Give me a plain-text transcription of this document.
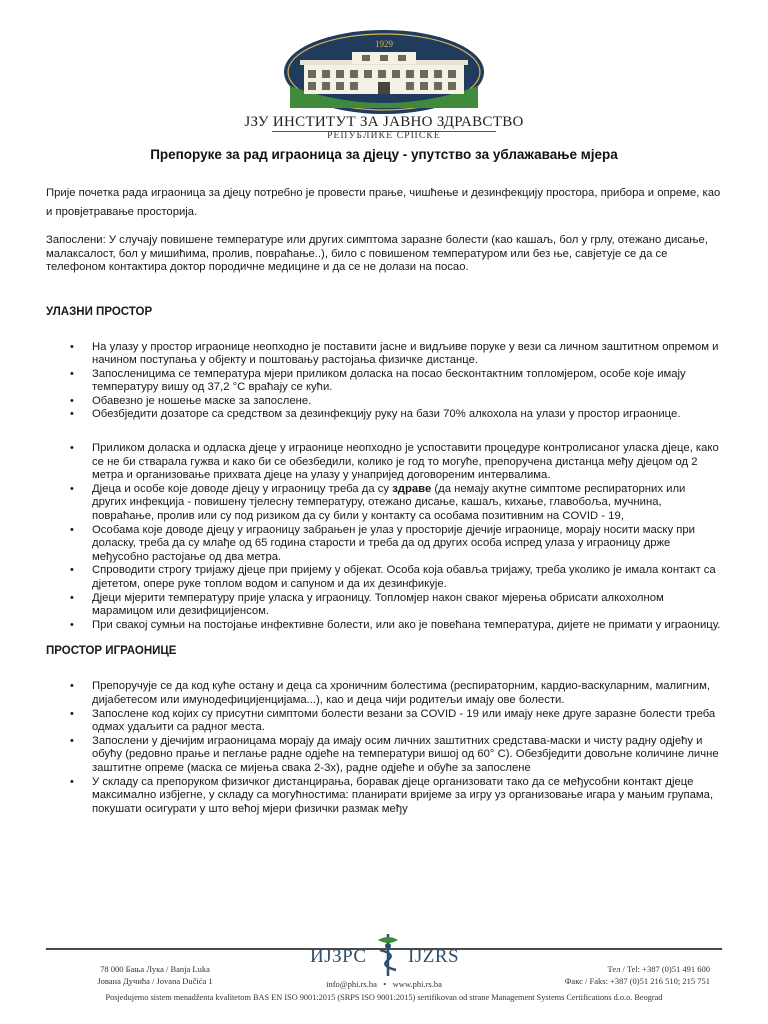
1929
ЈЗУ ИНСТИТУТ ЗА ЈАВНО ЗДРАВСТВО
РЕПУБЛИКЕ СРПСКЕ
Препоруке за рад играоница за дјецу - упутство за ублажавање мјера

Прије почетка рада играоница за дјецу потребно је провести прање, чишћење и дезинфекцију простора, прибора и опреме, као и провјетравање просторија.

Запослени: У случају повишене температуре или других симптома заразне болести (као кашаљ, бол у грлу, отежано дисање, малаксалост, бол у мишићима, пролив, повраћање..), било с повишеном температуром или без ње, савјетује се да се телефоном контактира доктор породичне медицине и да се не долази на посао.

УЛАЗНИ ПРОСТОР
• На улазу у простор играонице неопходно је поставити јасне и видљиве поруке у вези са личном заштитном опремом и начином поступања у објекту и поштовању растојања физичке дистанце.
• Запосленицима се температура мјери приликом доласка на посао бесконтактним топломјером, особе које имају температуру вишу од 37,2 °C враћају се кући.
• Обавезно је ношење маске за запослене.
• Обезбједити дозаторе са средством за дезинфекцију руку на бази 70% алкохола на улази у простор играонице.
• Приликом доласка и одласка дјеце у играонице неопходно је успоставити процедуре контролисаног уласка дјеце, како се не би стварала гужва и како би се обезбедили, колико је год то могуће, препоручена дистанца међу дјецом од 2 метра и организовање прихвата дјеце на улазу у унапријед договореним интервалима.
• Дјеца и особе које доводе дјецу у играоницу треба да су здраве (да немају акутне симптоме респираторних или других инфекција - повишену тјелесну температуру, отежано дисање, кашаљ, кихање, главобоља, мучнина, повраћање, пролив или су под ризиком да су били у контакту са особама позитивним на COVID - 19,
• Особама које доводе дјецу у играоницу забрањен је улаз у просторије дјечије играонице, морају носити маску при доласку, треба да су млађе од 65 година старости и треба да од других особа испред улаза у играоницу држе међусобно растојање од два метра.
• Спроводити строгу тријажу дјеце при пријему у објекат. Особа која обавља тријажу, треба уколико је имала контакт са дјететом, опере руке топлом водом и сапуном и да их дезинфикује.
• Дјеци мјерити температуру прије уласка у играоницу. Топломјер након сваког мјерења обрисати алкохолном марамицом или дезифицијенсом.
• При свакој сумњи на постојање инфективне болести, или ако је повећана температура, дијете не примати у играоницу.
ПРОСТОР ИГРАОНИЦЕ
• Препоручује се да код куће остану и деца са хроничним болестима (респираторним, кардио-васкуларним, малигним, дијабетесом или имунодефицијенцијама...), као и деца чији родитељи имају ове болести.
• Запослене код којих су присутни симптоми болести везани за COVID - 19 или имају неке друге заразне болести треба одмах удаљити са радног места.
• Запослени у дјечијим играоницама морају да имају осим личних заштитних средстава-маски и чисту радну одјећу и обућу (редовно прање и пеглање радне одјеће на температури вишој од 60° C). Обезбједити довољне количине личне заштитне опреме (маска се мијења свака 2-3х), радне одјеће и обуће за запослене
• У складу са препоруком физичког дистанцирања, боравак дјеце организовати тако да се међусобни контакт дјеце максимално избјегне, у складу са могућностима: планирати вријеме за игру уз организовање игара у мањим групама, покушати осигурати у што већој мјери физички размак међу
78 000 Бања Лука / Banja Luka
Јована Дучића / Jovana Dučića 1
ИЈЗРС IJZRS
Тел / Tel: +387 (0)51 491 600
Факс / Faks: +387 (0)51 216 510; 215 751
info@phi.rs.ba • www.phi.rs.ba
Posjedujemo sistem menadženta kvalitetom BAS EN ISO 9001:2015 (SRPS ISO 9001:2015) sertifikovan od strane Management Systems Certifications d.o.o. Beograd
